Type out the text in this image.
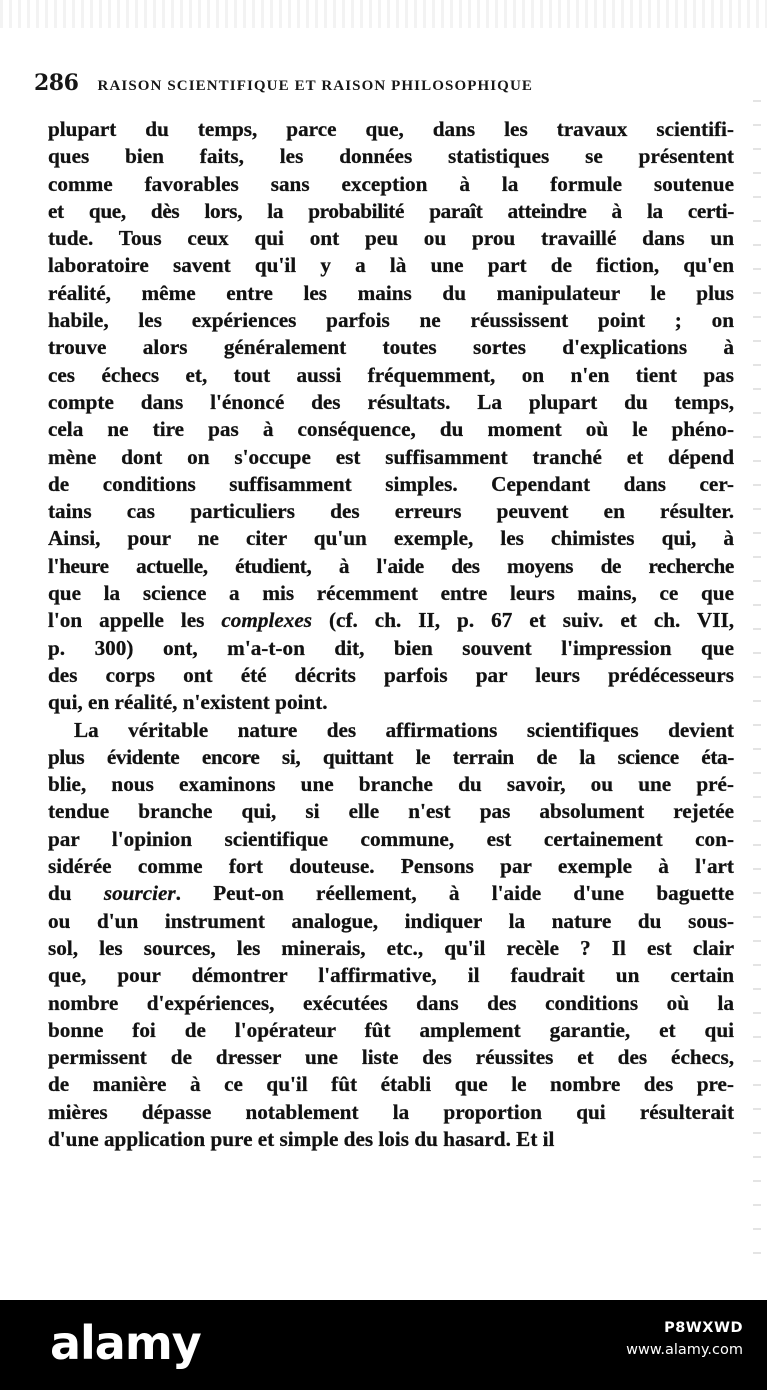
286 RAISON SCIENTIFIQUE ET RAISON PHILOSOPHIQUE
plupart du temps, parce que, dans les travaux scientifi-
ques bien faits, les données statistiques se présentent
comme favorables sans exception à la formule soutenue
et que, dès lors, la probabilité paraît atteindre à la certi-
tude. Tous ceux qui ont peu ou prou travaillé dans un
laboratoire savent qu'il y a là une part de fiction, qu'en
réalité, même entre les mains du manipulateur le plus
habile, les expériences parfois ne réussissent point ; on
trouve alors généralement toutes sortes d'explications à
ces échecs et, tout aussi fréquemment, on n'en tient pas
compte dans l'énoncé des résultats. La plupart du temps,
cela ne tire pas à conséquence, du moment où le phéno-
mène dont on s'occupe est suffisamment tranché et dépend
de conditions suffisamment simples. Cependant dans cer-
tains cas particuliers des erreurs peuvent en résulter.
Ainsi, pour ne citer qu'un exemple, les chimistes qui, à
l'heure actuelle, étudient, à l'aide des moyens de recherche
que la science a mis récemment entre leurs mains, ce que
l'on appelle les complexes (cf. ch. II, p. 67 et suiv. et ch. VII,
p. 300) ont, m'a-t-on dit, bien souvent l'impression que
des corps ont été décrits parfois par leurs prédécesseurs
qui, en réalité, n'existent point.
La véritable nature des affirmations scientifiques devient
plus évidente encore si, quittant le terrain de la science éta-
blie, nous examinons une branche du savoir, ou une pré-
tendue branche qui, si elle n'est pas absolument rejetée
par l'opinion scientifique commune, est certainement con-
sidérée comme fort douteuse. Pensons par exemple à l'art
du sourcier. Peut-on réellement, à l'aide d'une baguette
ou d'un instrument analogue, indiquer la nature du sous-
sol, les sources, les minerais, etc., qu'il recèle ? Il est clair
que, pour démontrer l'affirmative, il faudrait un certain
nombre d'expériences, exécutées dans des conditions où la
bonne foi de l'opérateur fût amplement garantie, et qui
permissent de dresser une liste des réussites et des échecs,
de manière à ce qu'il fût établi que le nombre des pre-
mières dépasse notablement la proportion qui résulterait
d'une application pure et simple des lois du hasard. Et il
alamy	P8WXWD
www.alamy.com
